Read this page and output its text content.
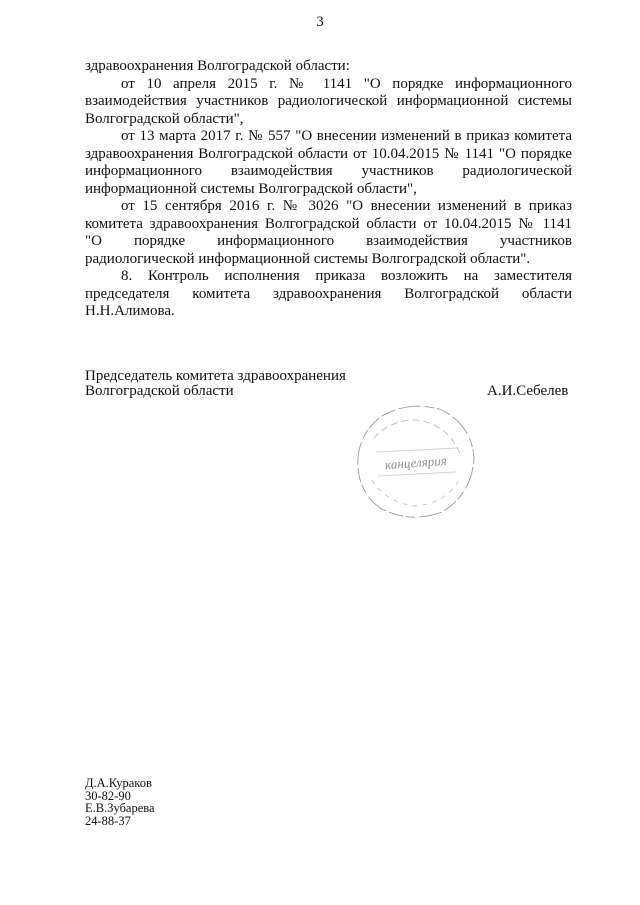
3
здравоохранения Волгоградской области:
от 10 апреля 2015 г. № 1141 "О порядке информационного
взаимодействия участников радиологической информационной системы
Волгоградской области",
от 13 марта 2017 г. № 557 "О внесении изменений в приказ комитета
здравоохранения Волгоградской области от 10.04.2015 № 1141 "О порядке
информационного взаимодействия участников радиологической
информационной системы Волгоградской области",
от 15 сентября 2016 г. № 3026 "О внесении изменений в приказ
комитета здравоохранения Волгоградской области от 10.04.2015 № 1141
"О порядке информационного взаимодействия участников
радиологической информационной системы Волгоградской области".
8. Контроль исполнения приказа возложить на заместителя
председателя комитета здравоохранения Волгоградской области
Н.Н.Алимова.
Председатель комитета здравоохранения
Волгоградской области	А.И.Себелев
канцелярия
Д.А.Кураков
30-82-90
Е.В.Зубарева
24-88-37
